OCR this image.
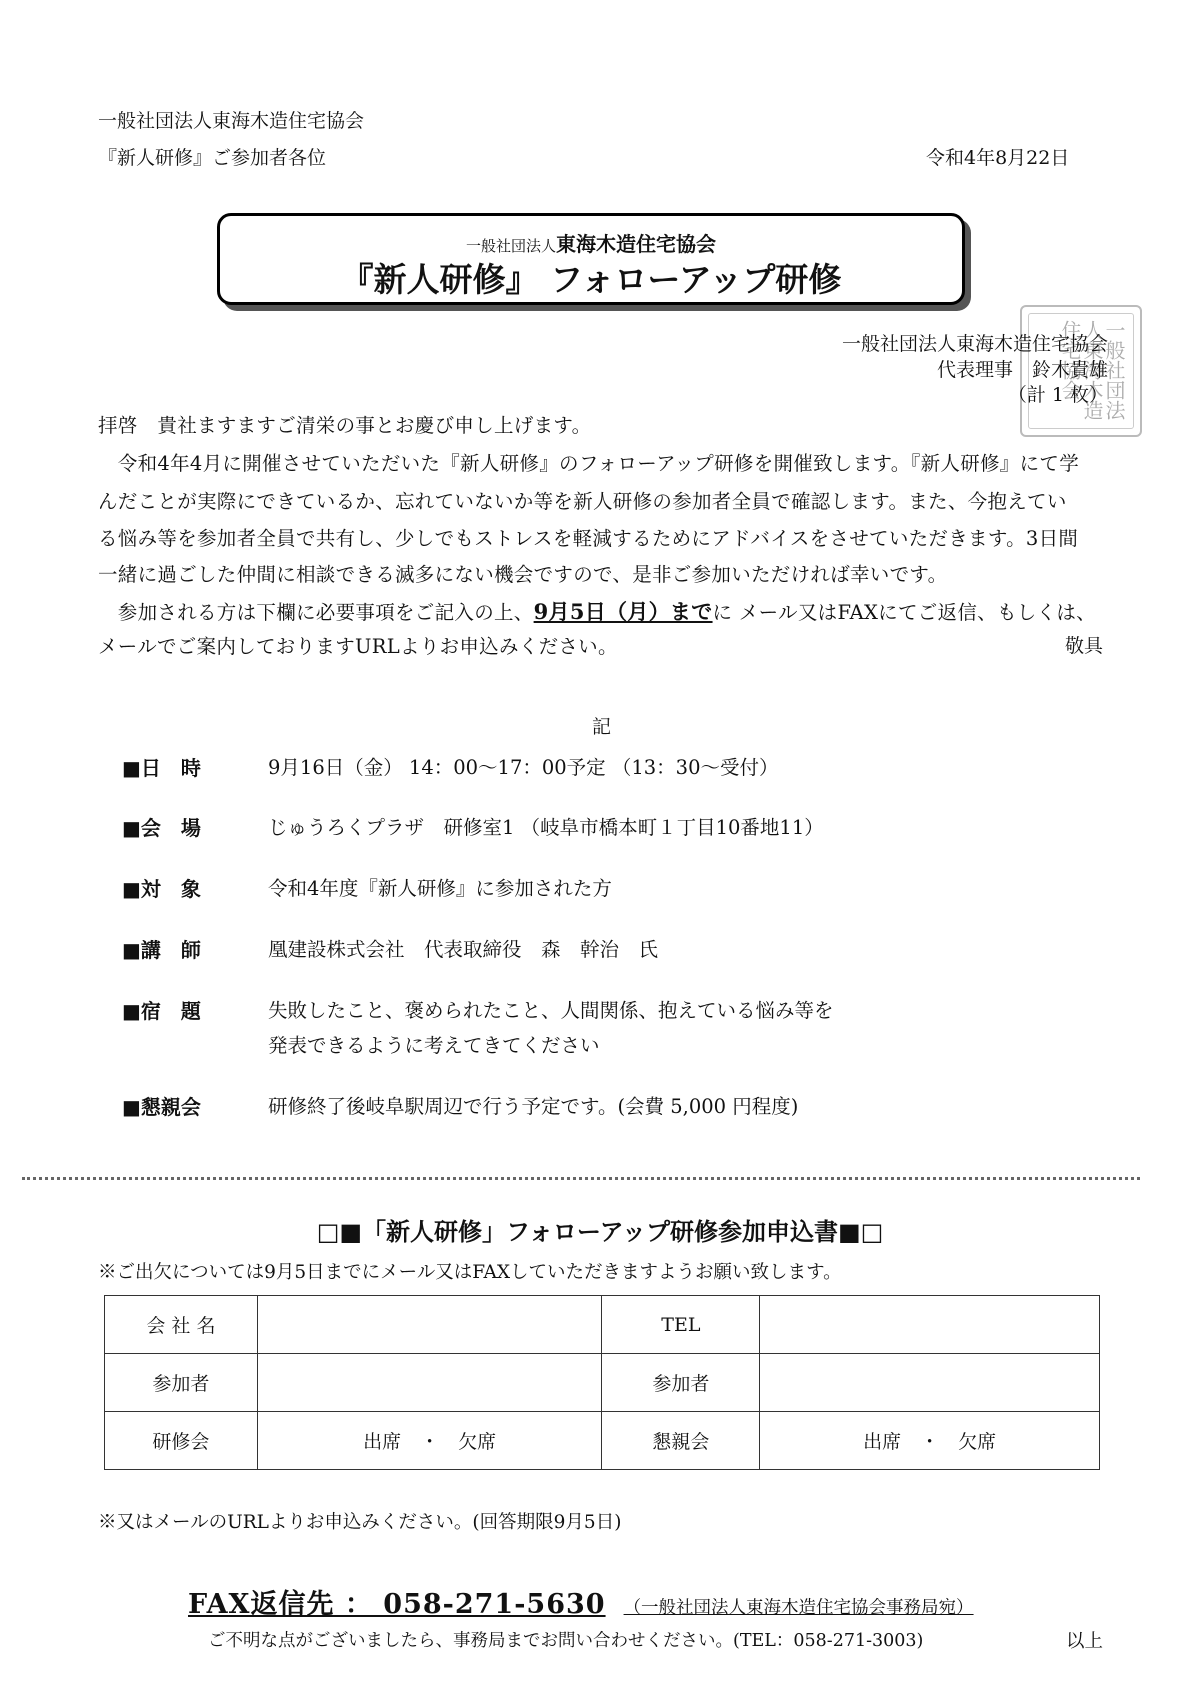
一般社団法人東海木造住宅協会
『新人研修』ご参加者各位	令和4年8月22日
一般社団法人東海木造住宅協会
『新人研修』 フォローアップ研修
一般社団法人東海木造住宅協会
一般社団法人東海木造住宅協会
代表理事　鈴木貴雄
（計 1 枚）
拝啓　貴社ますますご清栄の事とお慶び申し上げます。
　令和4年4月に開催させていただいた『新人研修』のフォローアップ研修を開催致します。『新人研修』にて学
んだことが実際にできているか、忘れていないか等を新人研修の参加者全員で確認します。また、今抱えてい
る悩み等を参加者全員で共有し、少しでもストレスを軽減するためにアドバイスをさせていただきます。3日間
一緒に過ごした仲間に相談できる滅多にない機会ですので、是非ご参加いただければ幸いです。
　参加される方は下欄に必要事項をご記入の上、9月5日（月）までに メール又はFAXにてご返信、もしくは、
メールでご案内しておりますURLよりお申込みください。	敬具
記
■日　時	9月16日（金） 14：00～17：00予定 （13：30～受付）
■会　場	じゅうろくプラザ　研修室1 （岐阜市橋本町１丁目10番地11）
■対　象	令和4年度『新人研修』に参加された方
■講　師	凰建設株式会社　代表取締役　森　幹治　氏
■宿　題	失敗したこと、褒められたこと、人間関係、抱えている悩み等を
発表できるように考えてきてください
■懇親会	研修終了後岐阜駅周辺で行う予定です。(会費 5,000 円程度)
□■「新人研修」フォローアップ研修参加申込書■□
※ご出欠については9月5日までにメール又はFAXしていただきますようお願い致します。
会 社 名		TEL	
参加者		参加者	
研修会	出席　・　欠席	懇親会	出席　・　欠席
※又はメールのURLよりお申込みください。(回答期限9月5日)
FAX返信先 ： 058-271-5630 （一般社団法人東海木造住宅協会事務局宛）
ご不明な点がございましたら、事務局までお問い合わせください。(TEL：058-271-3003)	以上
